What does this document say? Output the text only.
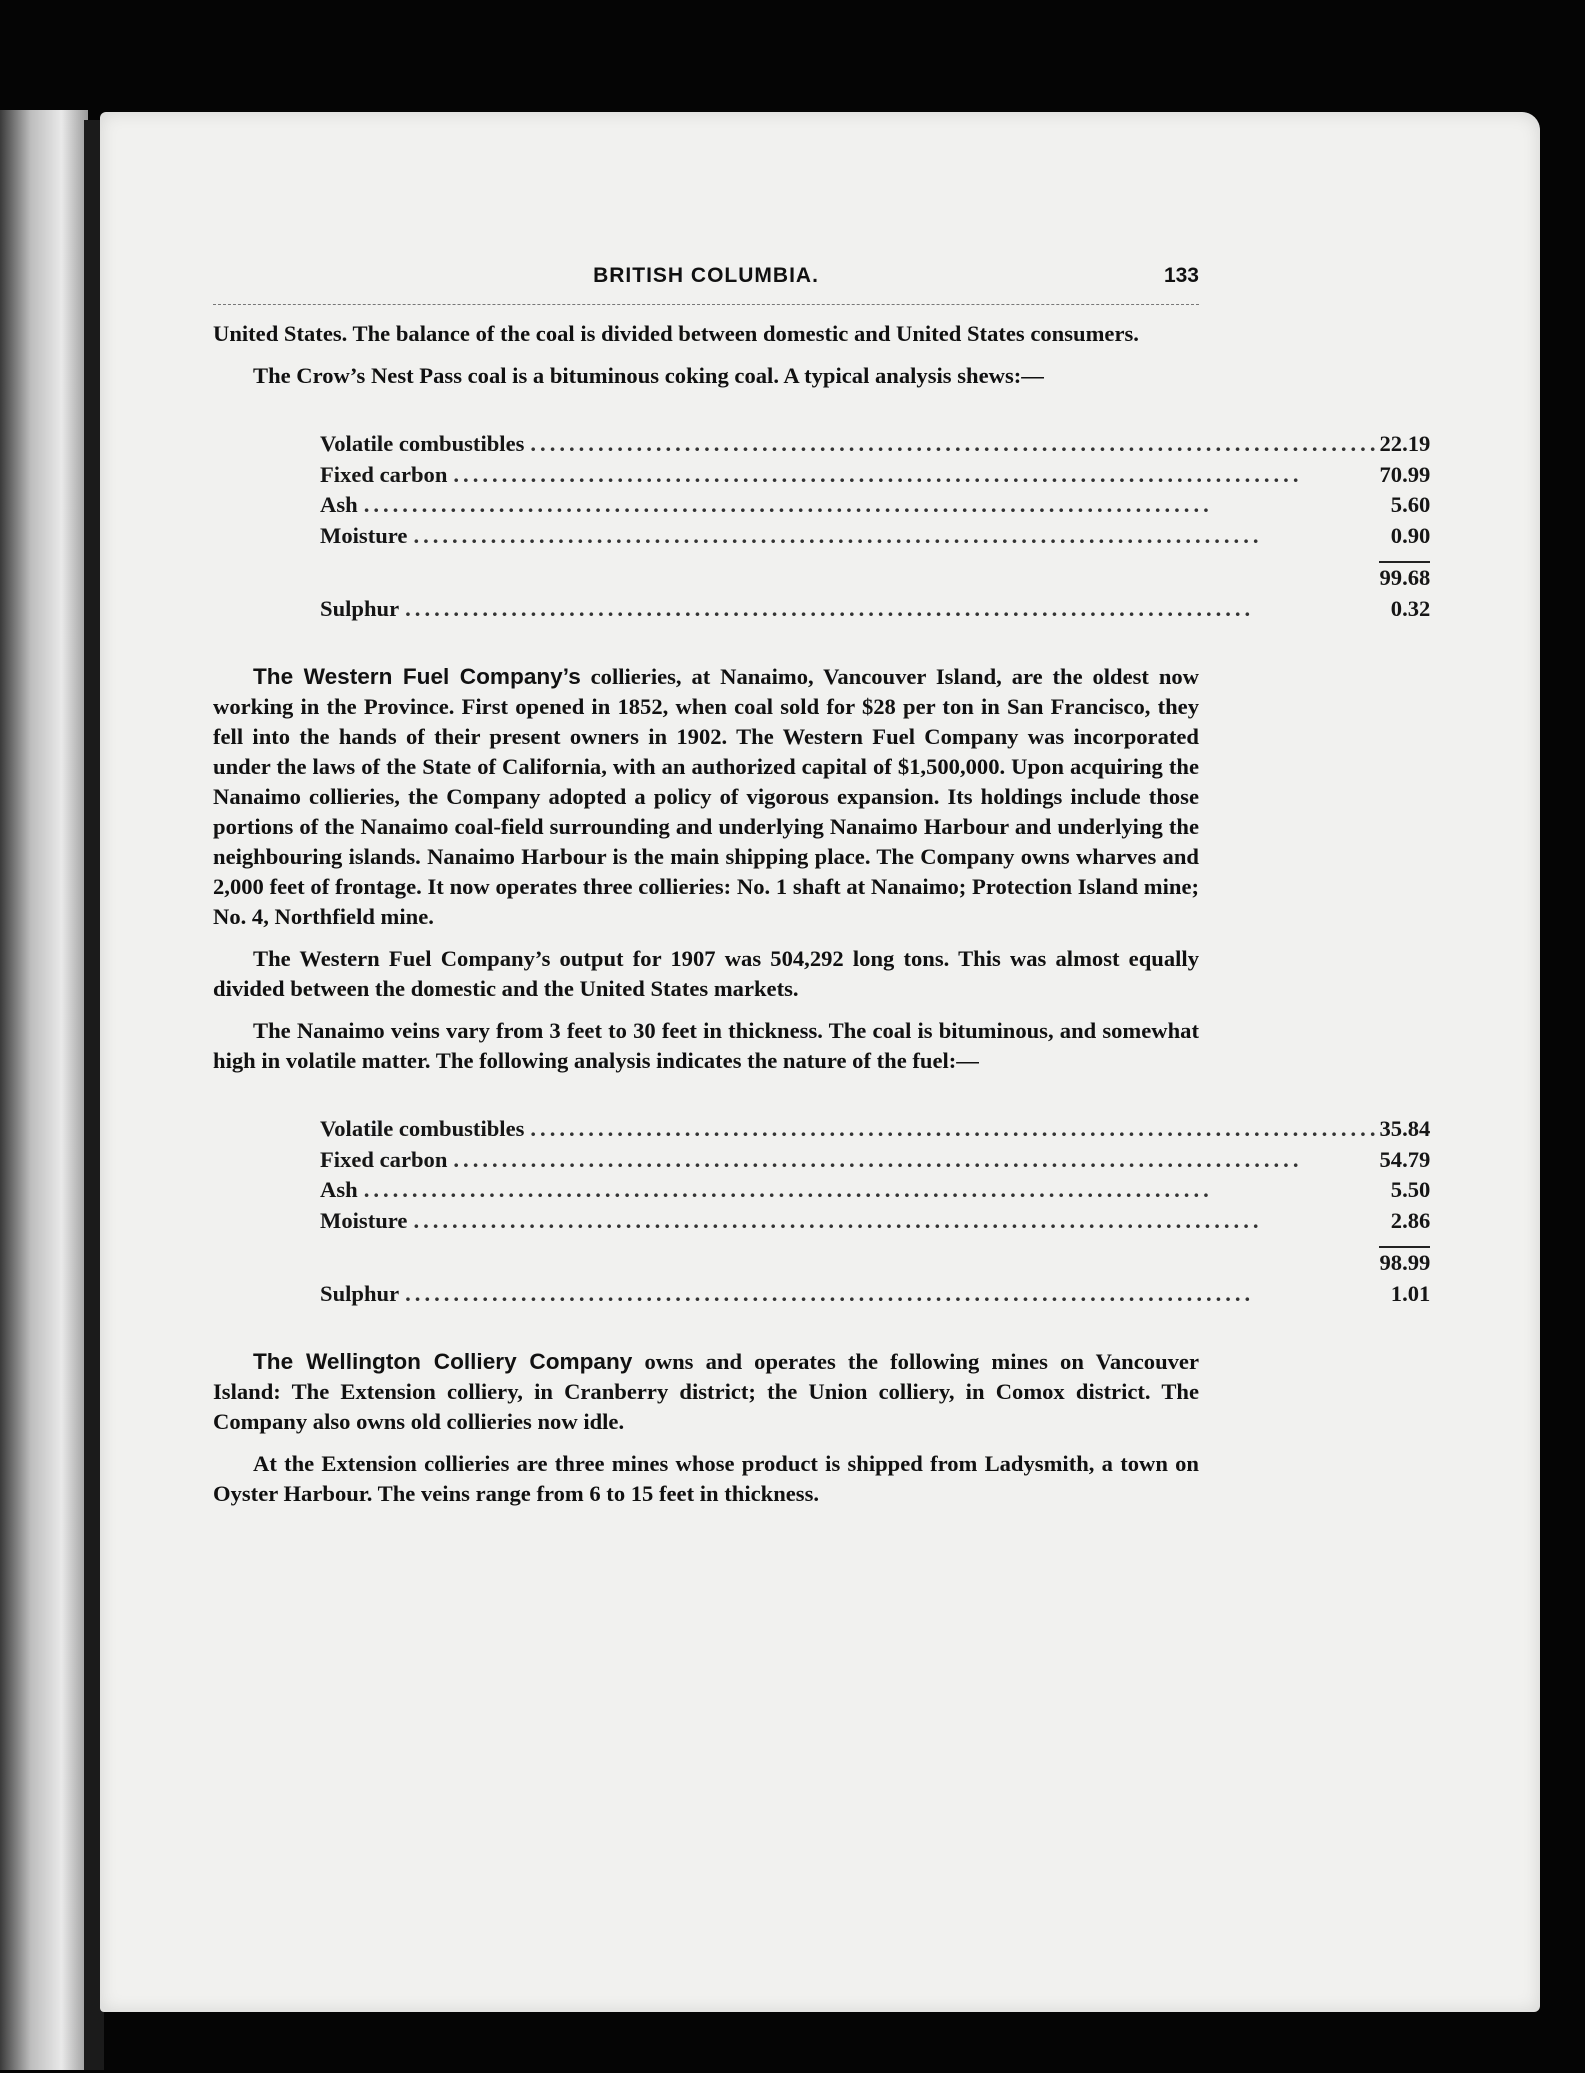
BRITISH COLUMBIA.	133

United States. The balance of the coal is divided between domestic and United States consumers.

The Crow’s Nest Pass coal is a bituminous coking coal. A typical analysis shews:—

Volatile combustibles ........................................................................................	22.19
Fixed carbon ........................................................................................	70.99
Ash ........................................................................................	5.60
Moisture ........................................................................................	0.90

	99.68
Sulphur ........................................................................................	0.32

The Western Fuel Company’s collieries, at Nanaimo, Vancouver Island, are the oldest now working in the Province. First opened in 1852, when coal sold for $28 per ton in San Francisco, they fell into the hands of their present owners in 1902. The Western Fuel Company was incorporated under the laws of the State of California, with an authorized capital of $1,500,000. Upon acquiring the Nanaimo collieries, the Company adopted a policy of vigorous expansion. Its holdings include those portions of the Nanaimo coal-field surrounding and underlying Nanaimo Harbour and underlying the neighbouring islands. Nanaimo Harbour is the main shipping place. The Company owns wharves and 2,000 feet of frontage. It now operates three collieries: No. 1 shaft at Nanaimo; Protection Island mine; No. 4, Northfield mine.

The Western Fuel Company’s output for 1907 was 504,292 long tons. This was almost equally divided between the domestic and the United States markets.

The Nanaimo veins vary from 3 feet to 30 feet in thickness. The coal is bituminous, and somewhat high in volatile matter. The following analysis indicates the nature of the fuel:—

Volatile combustibles ........................................................................................	35.84
Fixed carbon ........................................................................................	54.79
Ash ........................................................................................	5.50
Moisture ........................................................................................	2.86

	98.99
Sulphur ........................................................................................	1.01

The Wellington Colliery Company owns and operates the following mines on Vancouver Island: The Extension colliery, in Cranberry district; the Union colliery, in Comox district. The Company also owns old collieries now idle.

At the Extension collieries are three mines whose product is shipped from Ladysmith, a town on Oyster Harbour. The veins range from 6 to 15 feet in thickness.
